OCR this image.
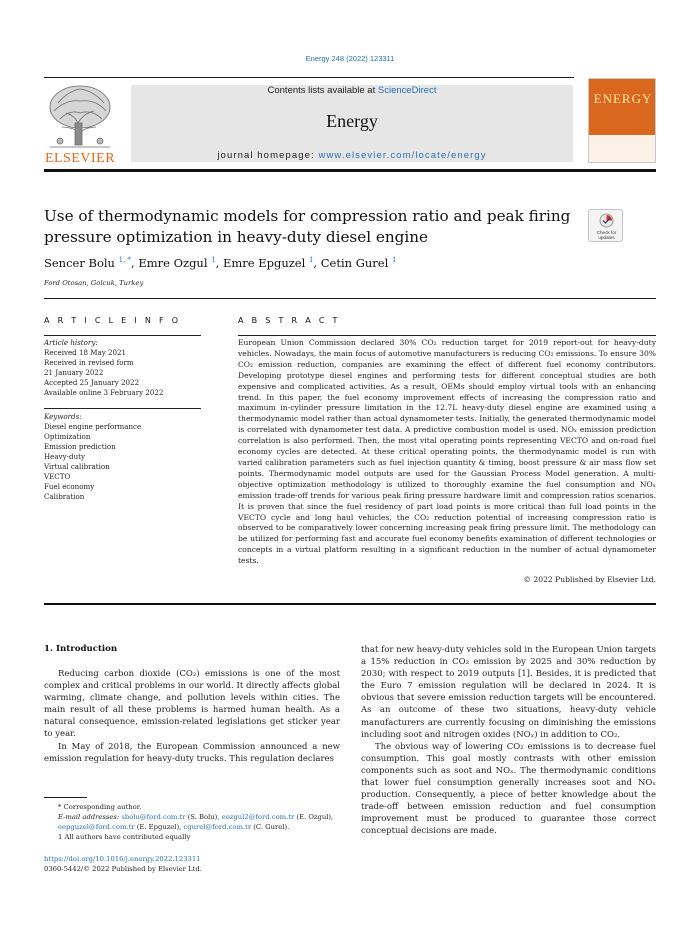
Energy 248 (2022) 123311
ELSEVIER
Contents lists available at ScienceDirect
Energy
journal homepage: www.elsevier.com/locate/energy
ENERGY
Use of thermodynamic models for compression ratio and peak firing pressure optimization in heavy-duty diesel engine	Check for updates
Sencer Bolu $^{1, *}$, Emre Ozgul $^1$, Emre Epguzel $^1$, Cetin Gurel $^1$
Ford Otosan, Golcuk, Turkey
A R T I C L E I N F O
Article history:
Received 18 May 2021
Received in revised form
21 January 2022
Accepted 25 January 2022
Available online 3 February 2022
Keywords:
Diesel engine performance
Optimization
Emission prediction
Heavy-duty
Virtual calibration
VECTO
Fuel economy
Calibration
A B S T R A C T
European Union Commission declared 30% CO₂ reduction target for 2019 report-out for heavy-duty vehicles. Nowadays, the main focus of automotive manufacturers is reducing CO₂ emissions. To ensure 30% CO₂ emission reduction, companies are examining the effect of different fuel economy contributors. Developing prototype diesel engines and performing tests for different conceptual studies are both expensive and complicated activities. As a result, OEMs should employ virtual tools with an enhancing trend. In this paper, the fuel economy improvement effects of increasing the compression ratio and maximum in-cylinder pressure limitation in the 12.7L heavy-duty diesel engine are examined using a thermodynamic model rather than actual dynamometer tests. Initially, the generated thermodynamic model is correlated with dynamometer test data. A predictive combustion model is used. NOₓ emission prediction correlation is also performed. Then, the most vital operating points representing VECTO and on-road fuel economy cycles are detected. At these critical operating points, the thermodynamic model is run with varied calibration parameters such as fuel injection quantity & timing, boost pressure & air mass flow set points. Thermodynamic model outputs are used for the Gaussian Process Model generation. A multi-objective optimization methodology is utilized to thoroughly examine the fuel consumption and NOₓ emission trade-off trends for various peak firing pressure hardware limit and compression ratios scenarios. It is proven that since the fuel residency of part load points is more critical than full load points in the VECTO cycle and long haul vehicles, the CO₂ reduction potential of increasing compression ratio is observed to be comparatively lower concerning increasing peak firing pressure limit. The methodology can be utilized for performing fast and accurate fuel economy benefits examination of different technologies or concepts in a virtual platform resulting in a significant reduction in the number of actual dynamometer tests.
© 2022 Published by Elsevier Ltd.
1. Introduction

Reducing carbon dioxide (CO₂) emissions is one of the most complex and critical problems in our world. It directly affects global warming, climate change, and pollution levels within cities. The main result of all these problems is harmed human health. As a natural consequence, emission-related legislations get sticker year to year.

In May of 2018, the European Commission announced a new emission regulation for heavy-duty trucks. This regulation declares

that for new heavy-duty vehicles sold in the European Union targets a 15% reduction in CO₂ emission by 2025 and 30% reduction by 2030; with respect to 2019 outputs [1]. Besides, it is predicted that the Euro 7 emission regulation will be declared in 2024. It is obvious that severe emission reduction targets will be encountered. As an outcome of these two situations, heavy-duty vehicle manufacturers are currently focusing on diminishing the emissions including soot and nitrogen oxides (NOₓ) in addition to CO₂.

The obvious way of lowering CO₂ emissions is to decrease fuel consumption. This goal mostly contrasts with other emission components such as soot and NOₓ. The thermodynamic conditions that lower fuel consumption generally increases soot and NOₓ production. Consequently, a piece of better knowledge about the trade-off between emission reduction and fuel consumption improvement must be produced to guarantee those correct conceptual decisions are made.

* Corresponding author.
E-mail addresses: sbolu@ford.com.tr (S. Bolu), eozgul2@ford.com.tr (E. Ozgul), eepguzel@ford.com.tr (E. Epguzel), cgurel@ford.com.tr (C. Gurel).
1 All authors have contributed equally
https://doi.org/10.1016/j.energy.2022.123311
0360-5442/© 2022 Published by Elsevier Ltd.
